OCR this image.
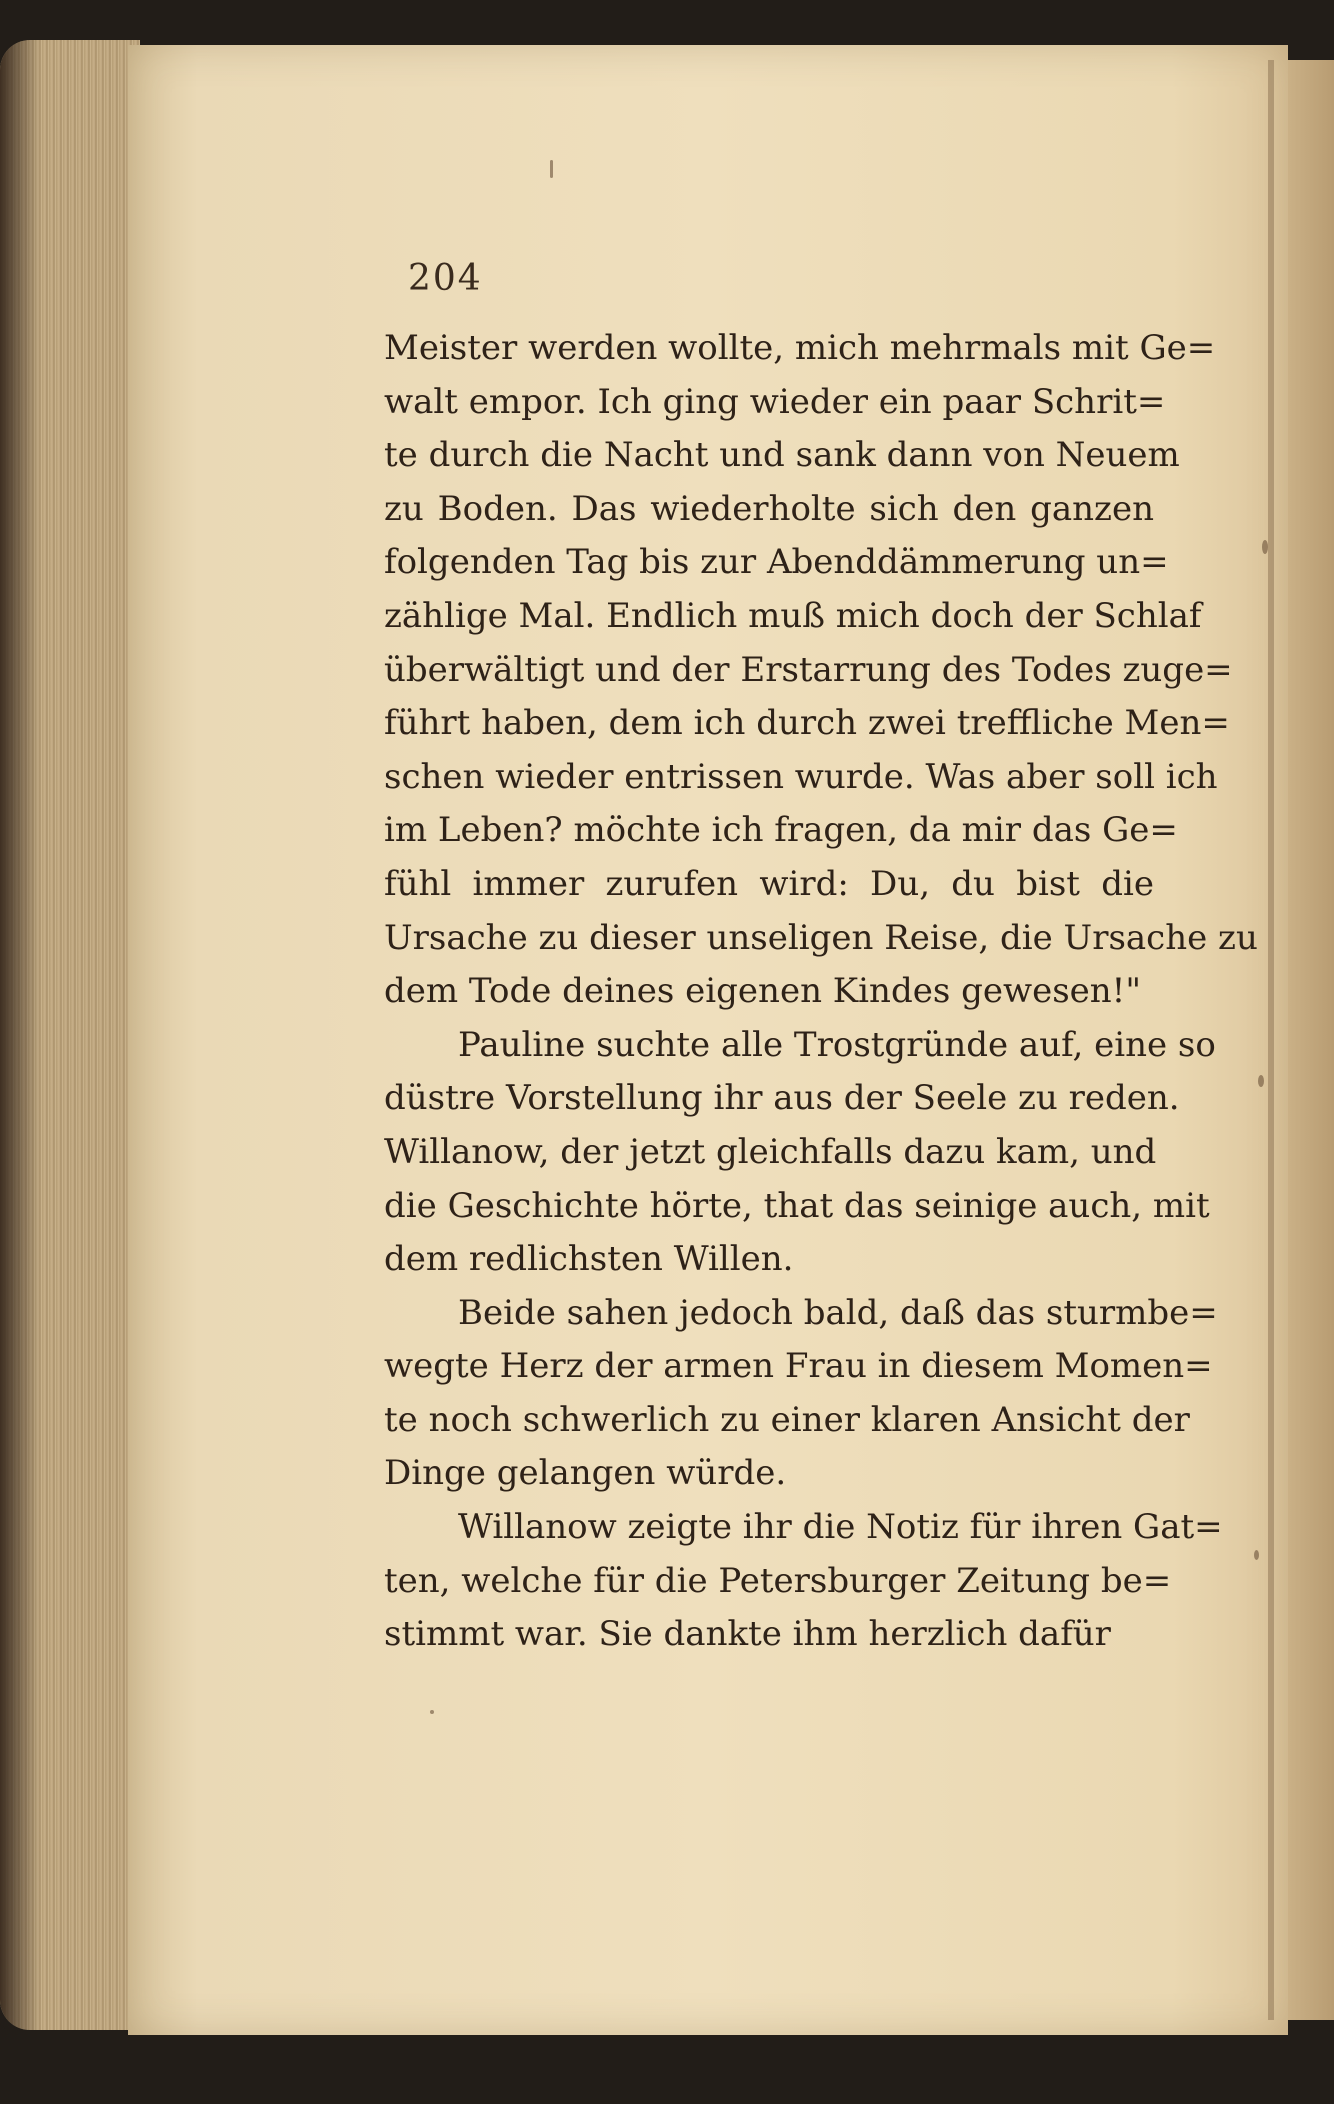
204
Meister werden wollte, mich mehrmals mit Ge=
walt empor. Ich ging wieder ein paar Schrit=
te durch die Nacht und sank dann von Neuem
zu Boden. Das wiederholte sich den ganzen
folgenden Tag bis zur Abenddämmerung un=
zählige Mal. Endlich muß mich doch der Schlaf
überwältigt und der Erstarrung des Todes zuge=
führt haben, dem ich durch zwei treffliche Men=
schen wieder entrissen wurde. Was aber soll ich
im Leben? möchte ich fragen, da mir das Ge=
fühl immer zurufen wird: Du, du bist die
Ursache zu dieser unseligen Reise, die Ursache zu
dem Tode deines eigenen Kindes gewesen!"
Pauline suchte alle Trostgründe auf, eine so
düstre Vorstellung ihr aus der Seele zu reden.
Willanow, der jetzt gleichfalls dazu kam, und
die Geschichte hörte, that das seinige auch, mit
dem redlichsten Willen.
Beide sahen jedoch bald, daß das sturmbe=
wegte Herz der armen Frau in diesem Momen=
te noch schwerlich zu einer klaren Ansicht der
Dinge gelangen würde.
Willanow zeigte ihr die Notiz für ihren Gat=
ten, welche für die Petersburger Zeitung be=
stimmt war. Sie dankte ihm herzlich dafür
